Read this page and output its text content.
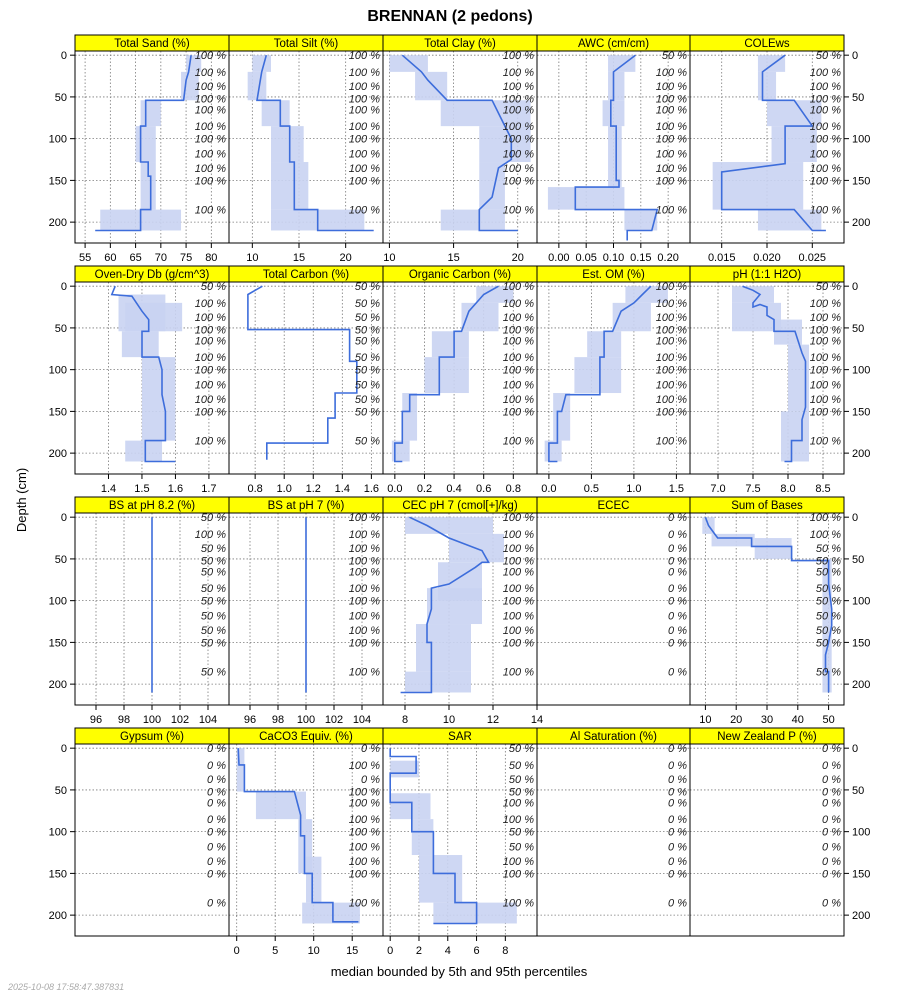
BRENNAN (2 pedons)
Depth (cm)
median bounded by 5th and 95th percentiles
2025-10-08 17:58:47.387831
Total Sand (%)
100 %
100 %
100 %
100 %
100 %
100 %
100 %
100 %
100 %
100 %
100 %
55 60 65 70 75 80
0
50
100
150
200
Total Silt (%)
100 %
100 %
100 %
100 %
100 %
100 %
100 %
100 %
100 %
100 %
100 %
10	15	20
Total Clay (%)
100 %
100 %
100 %
100 %
100 %
100 %
100 %
100 %
100 %
100 %
100 %
10	15	20
AWC (cm/cm)
50 %
100 %
100 %
100 %
100 %
100 %
100 %
100 %
100 %
100 %
100 %
0.00 0.05 0.10 0.15 0.20
COLEws
50 %
100 %
100 %
100 %
100 %
100 %
100 %
100 %
100 %
100 %
100 %
0.015 0.020 0.025
0
50
100
150
200
Oven-Dry Db (g/cm^3)
50 %
100 %
100 %
100 %
100 %
100 %
100 %
100 %
100 %
100 %
100 %
1.4 1.5 1.6 1.7
0
50
100
150
200
Total Carbon (%)
50 %
50 %
50 %
50 %
50 %
50 %
50 %
50 %
50 %
50 %
50 %
0.8 1.0 1.2 1.4 1.6
Organic Carbon (%)
100 %
100 %
100 %
100 %
100 %
100 %
100 %
100 %
100 %
100 %
100 %
0.0 0.2 0.4 0.6 0.8
Est. OM (%)
100 %
100 %
100 %
100 %
100 %
100 %
100 %
100 %
100 %
100 %
100 %
0.0 0.5 1.0 1.5
pH (1:1 H2O)
50 %
100 %
100 %
100 %
100 %
100 %
100 %
100 %
100 %
100 %
100 %
7.0 7.5 8.0 8.5
0
50
100
150
200
BS at pH 8.2 (%)
50 %
100 %
50 %
50 %
50 %
50 %
50 %
50 %
50 %
50 %
50 %
96 98 100 102 104
0
50
100
150
200
BS at pH 7 (%)
100 %
100 %
100 %
100 %
100 %
100 %
100 %
100 %
100 %
100 %
100 %
96 98 100 102 104
CEC pH 7 (cmol[+]/kg)
100 %
100 %
100 %
100 %
100 %
100 %
100 %
100 %
100 %
100 %
100 %
8	10	12	14
ECEC
0 %
0 %
0 %
0 %
0 %
0 %
0 %
0 %
0 %
0 %
0 %
Sum of Bases
100 %
100 %
50 %
50 %
50 %
50 %
50 %
50 %
50 %
50 %
50 %
10 20 30 40 50
0
50
100
150
200
Gypsum (%)
0 %
0 %
0 %
0 %
0 %
0 %
0 %
0 %
0 %
0 %
0 %
0
50
100
150
200
CaCO3 Equiv. (%)
0 %
100 %
0 %
100 %
100 %
100 %
100 %
100 %
100 %
100 %
100 %
0	5	10 15
SAR
50 %
50 %
50 %
50 %
100 %
100 %
50 %
50 %
100 %
100 %
100 %
0 2 4 6 8
Al Saturation (%)
0 %
0 %
0 %
0 %
0 %
0 %
0 %
0 %
0 %
0 %
0 %
New Zealand P (%)
0 %
0 %
0 %
0 %
0 %
0 %
0 %
0 %
0 %
0 %
0 %
0
50
100
150
200
